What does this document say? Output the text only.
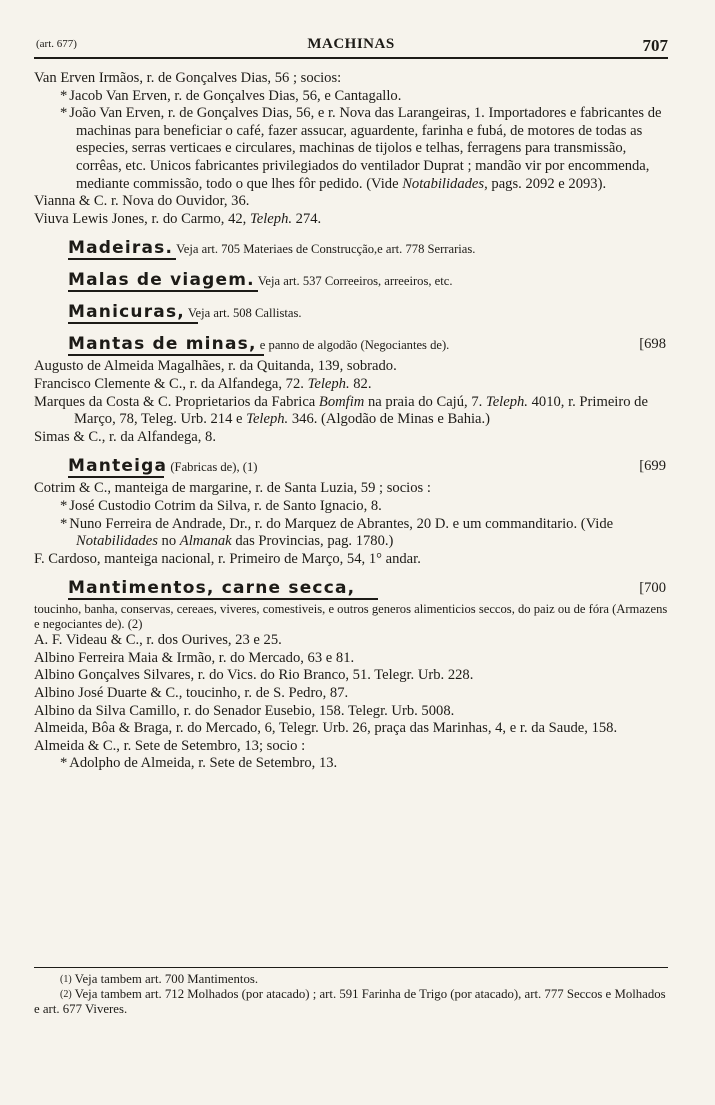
(art. 677)	MACHINAS	707

Van Erven Irmãos, r. de Gonçalves Dias, 56 ; socios:

* Jacob Van Erven, r. de Gonçalves Dias, 56, e Cantagallo.

* João Van Erven, r. de Gonçalves Dias, 56, e r. Nova das Larangeiras, 1. Importadores e fabricantes de machinas para beneficiar o café, fazer assucar, aguardente, farinha e fubá, de motores de todas as especies, serras verticaes e circulares, machinas de tijolos e telhas, ferragens para transmissão, corrêas, etc. Unicos fabricantes privilegiados do ventilador Duprat ; mandão vir por encommenda, mediante commissão, todo o que lhes fôr pedido. (Vide Notabilidades, pags. 2092 e 2093).

Vianna & C. r. Nova do Ouvidor, 36.

Viuva Lewis Jones, r. do Carmo, 42, Teleph. 274.

Madeiras. Veja art. 705 Materiaes de Construcção,e art. 778 Serrarias.
Malas de viagem. Veja art. 537 Correeiros, arreeiros, etc.
Manicuras, Veja art. 508 Callistas.
Mantas de minas, e panno de algodão (Negociantes de).	[698

Augusto de Almeida Magalhães, r. da Quitanda, 139, sobrado.

Francisco Clemente & C., r. da Alfandega, 72. Teleph. 82.

Marques da Costa & C. Proprietarios da Fabrica Bomfim na praia do Cajú, 7. Teleph. 4010, r. Primeiro de Março, 78, Teleg. Urb. 214 e Teleph. 346. (Algodão de Minas e Bahia.)

Simas & C., r. da Alfandega, 8.

Manteiga (Fabricas de), (1)	[699

Cotrim & C., manteiga de margarine, r. de Santa Luzia, 59 ; socios :

* José Custodio Cotrim da Silva, r. de Santo Ignacio, 8.

* Nuno Ferreira de Andrade, Dr., r. do Marquez de Abrantes, 20 D. e um commanditario. (Vide Notabilidades no Almanak das Provincias, pag. 1780.)

F. Cardoso, manteiga nacional, r. Primeiro de Março, 54, 1° andar.

Mantimentos, carne secca,	[700

toucinho, banha, conservas, cereaes, viveres, comestiveis, e outros generos alimenticios seccos, do paiz ou de fóra (Armazens e negociantes de). (2)

A. F. Videau & C., r. dos Ourives, 23 e 25.

Albino Ferreira Maia & Irmão, r. do Mercado, 63 e 81.

Albino Gonçalves Silvares, r. do Vics. do Rio Branco, 51. Telegr. Urb. 228.

Albino José Duarte & C., toucinho, r. de S. Pedro, 87.

Albino da Silva Camillo, r. do Senador Eusebio, 158. Telegr. Urb. 5008.

Almeida, Bôa & Braga, r. do Mercado, 6, Telegr. Urb. 26, praça das Marinhas, 4, e r. da Saude, 158.

Almeida & C., r. Sete de Setembro, 13; socio :

* Adolpho de Almeida, r. Sete de Setembro, 13.

$^{(1)}$ Veja tambem art. 700 Mantimentos.
$^{(2)}$ Veja tambem art. 712 Molhados (por atacado) ; art. 591 Farinha de Trigo (por atacado), art. 777 Seccos e Molhados e art. 677 Viveres.
